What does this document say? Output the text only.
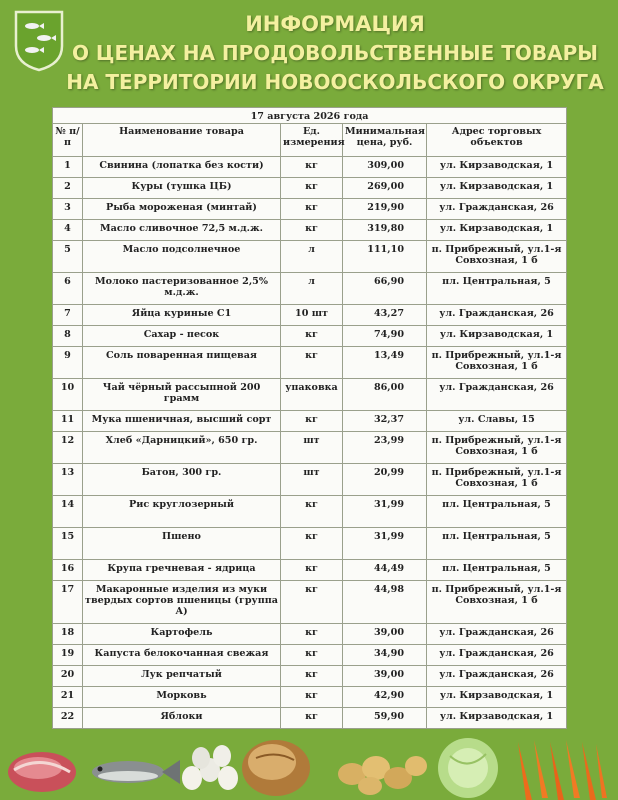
ИНФОРМАЦИЯ
О ЦЕНАХ НА ПРОДОВОЛЬСТВЕННЫЕ ТОВАРЫ
НА ТЕРРИТОРИИ НОВООСКОЛЬСКОГО ОКРУГА
17 августа 2026 года				
№ п/п	Наименование товара	Ед. измерения	Минимальная цена, руб.	Адрес торговых объектов
1	Свинина (лопатка без кости)	кг	309,00	ул. Кирзаводская, 1
2	Куры (тушка ЦБ)	кг	269,00	ул. Кирзаводская, 1
3	Рыба мороженая (минтай)	кг	219,90	ул. Гражданская, 26
4	Масло сливочное 72,5 м.д.ж.	кг	319,80	ул. Кирзаводская, 1
5	Масло подсолнечное	л	111,10	п. Прибрежный, ул.1-я Совхозная, 1 б
6	Молоко пастеризованное 2,5% м.д.ж.	л	66,90	пл. Центральная, 5
7	Яйца куриные С1	10 шт	43,27	ул. Гражданская, 26
8	Сахар - песок	кг	74,90	ул. Кирзаводская, 1
9	Соль поваренная пищевая	кг	13,49	п. Прибрежный, ул.1-я Совхозная, 1 б
10	Чай чёрный рассыпной 200 грамм	упаковка	86,00	ул. Гражданская, 26
11	Мука пшеничная, высший сорт	кг	32,37	ул. Славы, 15
12	Хлеб «Дарницкий», 650 гр.	шт	23,99	п. Прибрежный, ул.1-я Совхозная, 1 б
13	Батон, 300 гр.	шт	20,99	п. Прибрежный, ул.1-я Совхозная, 1 б
14	Рис круглозерный	кг	31,99	пл. Центральная, 5
15	Пшено	кг	31,99	пл. Центральная, 5
16	Крупа гречневая - ядрица	кг	44,49	пл. Центральная, 5
17	Макаронные изделия из муки твердых сортов пшеницы (группа А)	кг	44,98	п. Прибрежный, ул.1-я Совхозная, 1 б
18	Картофель	кг	39,00	ул. Гражданская, 26
19	Капуста белокочанная свежая	кг	34,90	ул. Гражданская, 26
20	Лук репчатый	кг	39,00	ул. Гражданская, 26
21	Морковь	кг	42,90	ул. Кирзаводская, 1
22	Яблоки	кг	59,90	ул. Кирзаводская, 1
